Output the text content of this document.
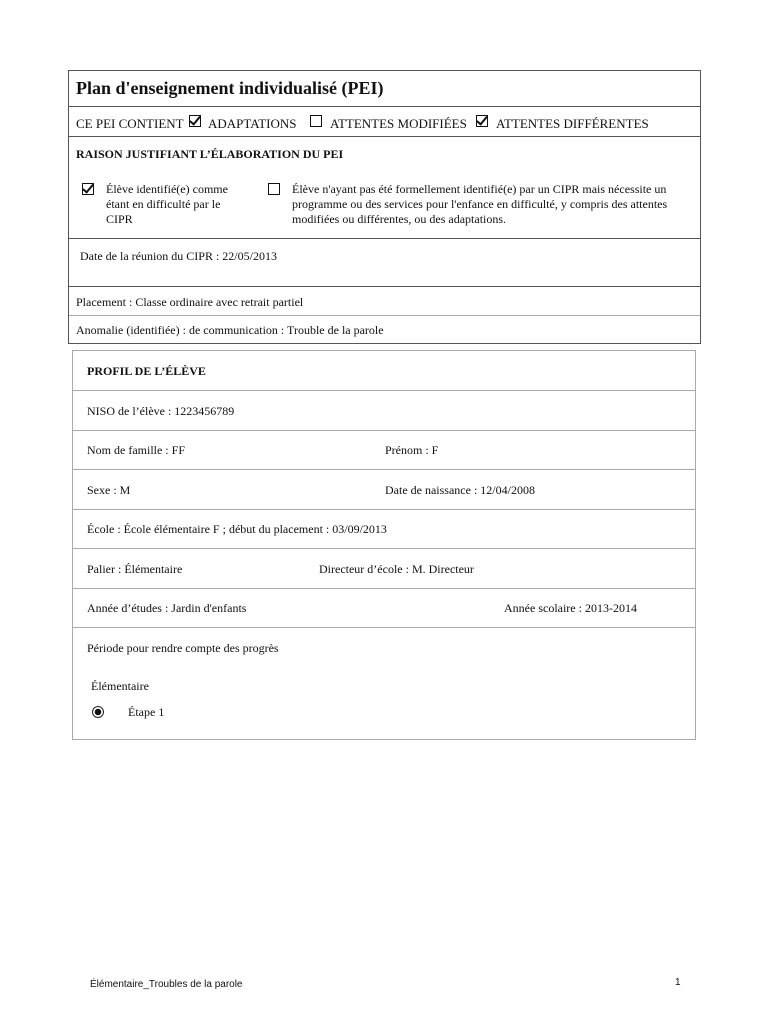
Plan d'enseignement individualisé (PEI)
CE PEI CONTIENT ADAPTATIONS	ATTENTES MODIFIÉES ATTENTES DIFFÉRENTES
RAISON JUSTIFIANT L’ÉLABORATION DU PEI
Élève identifié(e) comme
étant en difficulté par le
CIPR
Élève n'ayant pas été formellement identifié(e) par un CIPR mais nécessite un
programme ou des services pour l'enfance en difficulté, y compris des attentes
modifiées ou différentes, ou des adaptations.
Date de la réunion du CIPR : 22/05/2013
Placement : Classe ordinaire avec retrait partiel
Anomalie (identifiée) : de communication : Trouble de la parole
PROFIL DE L’ÉLÈVE
NISO de l’élève : 1223456789
Nom de famille : FF	Prénom : F
Sexe : M	Date de naissance : 12/04/2008
École : École élémentaire F ; début du placement : 03/09/2013
Palier : Élémentaire	Directeur d’école : M. Directeur
Année d’études : Jardin d'enfants	Année scolaire : 2013-2014
Période pour rendre compte des progrès
Élémentaire
Étape 1
Élémentaire_Troubles de la parole	1
